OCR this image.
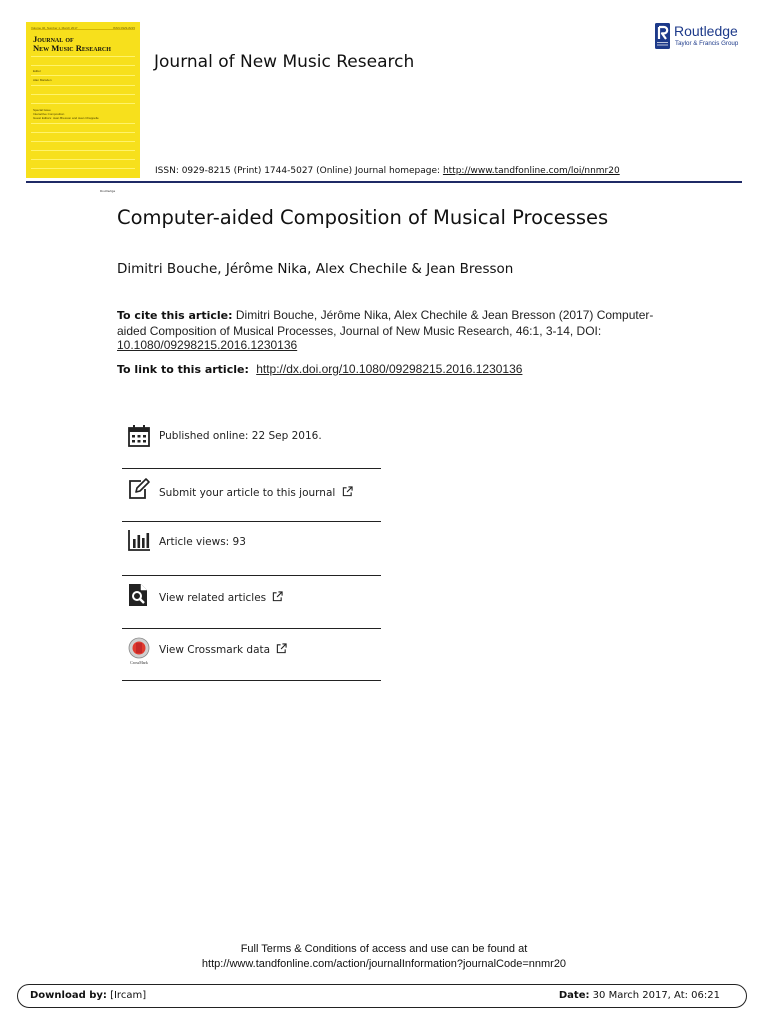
Volume 46, Number 1, March 2017	ISSN 0929-8215
Journal of
New Music Research
Editor
Alan Marsden
Special Issue
Interactive Composition
Guest Editors: Jean Bresson and Jean Chappelle
Routledge
Journal of New Music Research
Routledge
Taylor & Francis Group
ISSN: 0929-8215 (Print) 1744-5027 (Online) Journal homepage: http://www.tandfonline.com/loi/nnmr20
Computer-aided Composition of Musical Processes
Dimitri Bouche, Jérôme Nika, Alex Chechile & Jean Bresson
To cite this article: Dimitri Bouche, Jérôme Nika, Alex Chechile & Jean Bresson (2017) Computer-aided Composition of Musical Processes, Journal of New Music Research, 46:1, 3-14, DOI: 10.1080/09298215.2016.1230136
To link to this article: http://dx.doi.org/10.1080/09298215.2016.1230136
Published online: 22 Sep 2016.
Submit your article to this journal
Article views: 93
View related articles
CrossMark
View Crossmark data
Full Terms & Conditions of access and use can be found at
http://www.tandfonline.com/action/journalInformation?journalCode=nnmr20
Download by: [Ircam]	Date: 30 March 2017, At: 06:21
